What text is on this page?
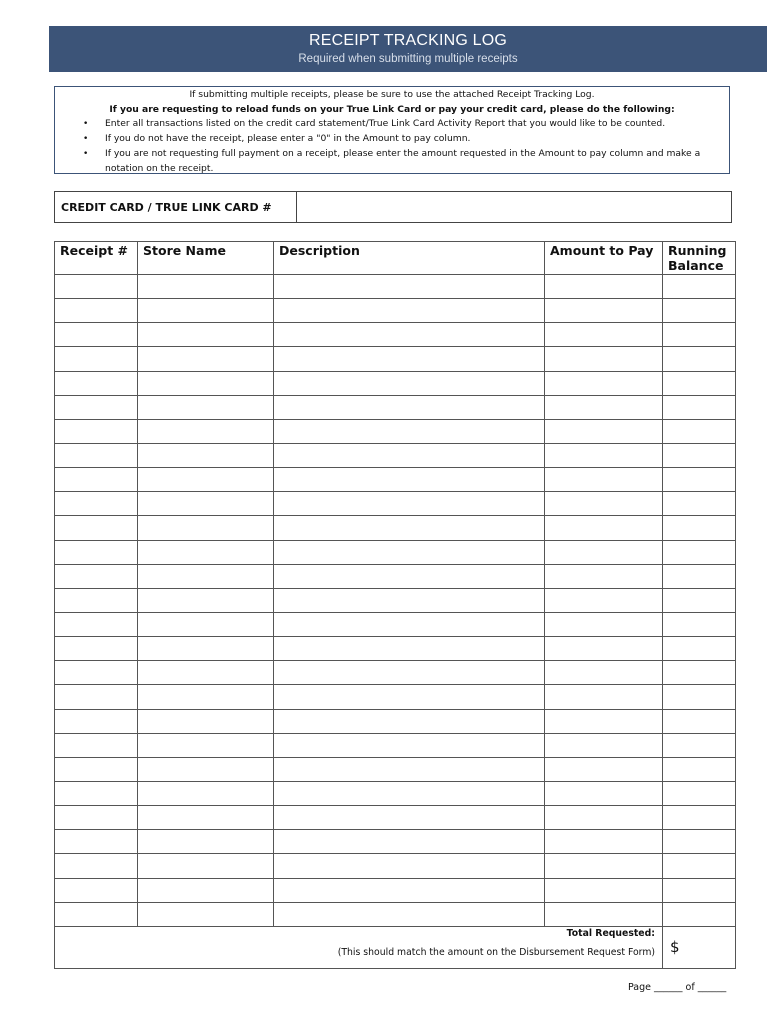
RECEIPT TRACKING LOG
Required when submitting multiple receipts
If submitting multiple receipts, please be sure to use the attached Receipt Tracking Log.
If you are requesting to reload funds on your True Link Card or pay your credit card, please do the following:
• Enter all transactions listed on the credit card statement/True Link Card Activity Report that you would like to be counted.
• If you do not have the receipt, please enter a "0" in the Amount to pay column.
• If you are not requesting full payment on a receipt, please enter the amount requested in the Amount to pay column and make a notation on the receipt.
CREDIT CARD / TRUE LINK CARD #
Receipt #	Store Name	Description	Amount to Pay	Running Balance

Total Requested:
(This should match the amount on the Disbursement Request Form)				$
Page ______ of ______
